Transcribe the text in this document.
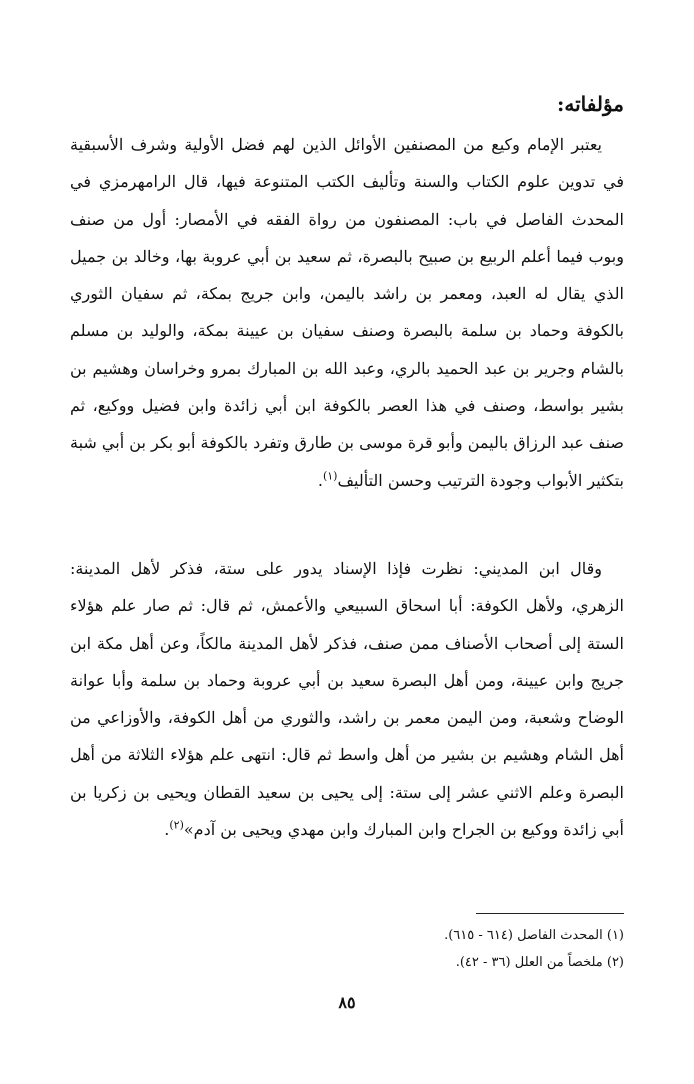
مؤلفاته:

يعتبر الإمام وكيع من المصنفين الأوائل الذين لهم فضل الأولية وشرف الأسبقية في تدوين علوم الكتاب والسنة وتأليف الكتب المتنوعة فيها، قال الرامهرمزي في المحدث الفاصل في باب: المصنفون من رواة الفقه في الأمصار: أول من صنف وبوب فيما أعلم الربيع بن صبيح بالبصرة، ثم سعيد بن أبي عروبة بها، وخالد بن جميل الذي يقال له العبد، ومعمر بن راشد باليمن، وابن جريج بمكة، ثم سفيان الثوري بالكوفة وحماد بن سلمة بالبصرة وصنف سفيان بن عيينة بمكة، والوليد بن مسلم بالشام وجرير بن عبد الحميد بالري، وعبد الله بن المبارك بمرو وخراسان وهشيم بن بشير بواسط، وصنف في هذا العصر بالكوفة ابن أبي زائدة وابن فضيل ووكيع، ثم صنف عبد الرزاق باليمن وأبو قرة موسى بن طارق وتفرد بالكوفة أبو بكر بن أبي شبة بتكثير الأبواب وجودة الترتيب وحسن التأليف$^{(١)}$.

وقال ابن المديني: نظرت فإذا الإسناد يدور على ستة، فذكر لأهل المدينة: الزهري، ولأهل الكوفة: أبا اسحاق السبيعي والأعمش، ثم قال: ثم صار علم هؤلاء الستة إلى أصحاب الأصناف ممن صنف، فذكر لأهل المدينة مالكاً، وعن أهل مكة ابن جريج وابن عيينة، ومن أهل البصرة سعيد بن أبي عروبة وحماد بن سلمة وأبا عوانة الوضاح وشعبة، ومن اليمن معمر بن راشد، والثوري من أهل الكوفة، والأوزاعي من أهل الشام وهشيم بن بشير من أهل واسط ثم قال: انتهى علم هؤلاء الثلاثة من أهل البصرة وعلم الاثني عشر إلى ستة: إلى يحيى بن سعيد القطان ويحيى بن زكريا بن أبي زائدة ووكيع بن الجراح وابن المبارك وابن مهدي ويحيى بن آدم»$^{(٢)}$.

(١) المحدث الفاصل (٦١٤ - ٦١٥).
(٢) ملخصاً من العلل (٣٦ - ٤٢).
٨٥
